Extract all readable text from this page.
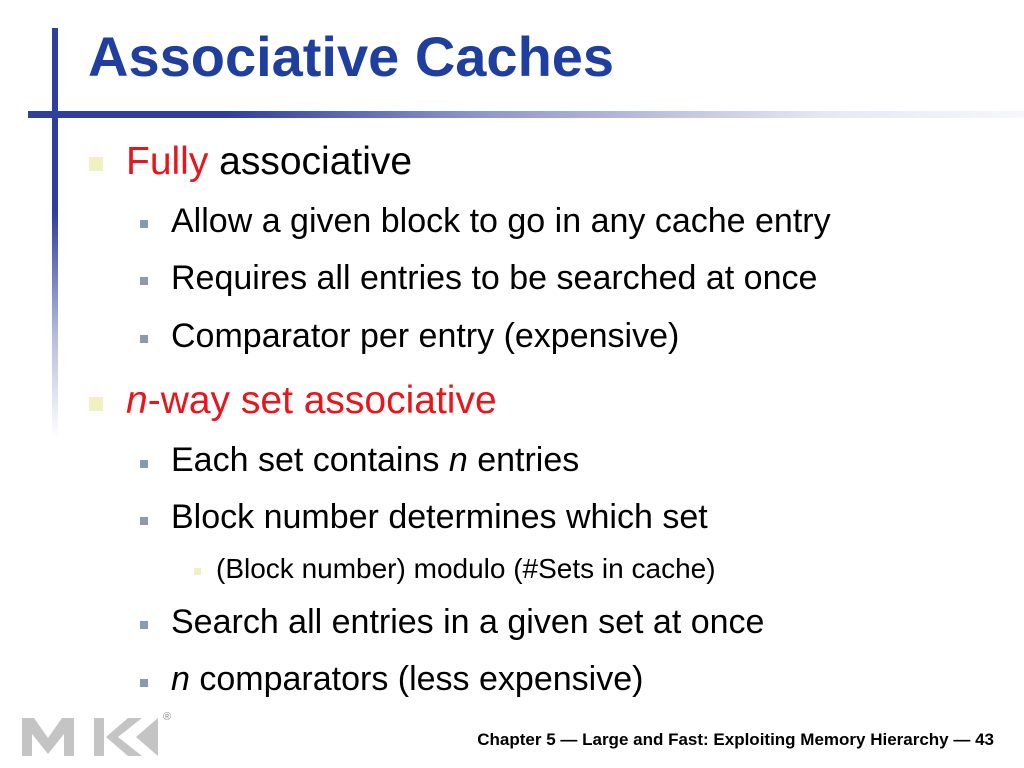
Associative Caches
Fully associative
Allow a given block to go in any cache entry
Requires all entries to be searched at once
Comparator per entry (expensive)
n-way set associative
Each set contains n entries
Block number determines which set
(Block number) modulo (#Sets in cache)
Search all entries in a given set at once
n comparators (less expensive)
®
Chapter 5 — Large and Fast: Exploiting Memory Hierarchy — 43
